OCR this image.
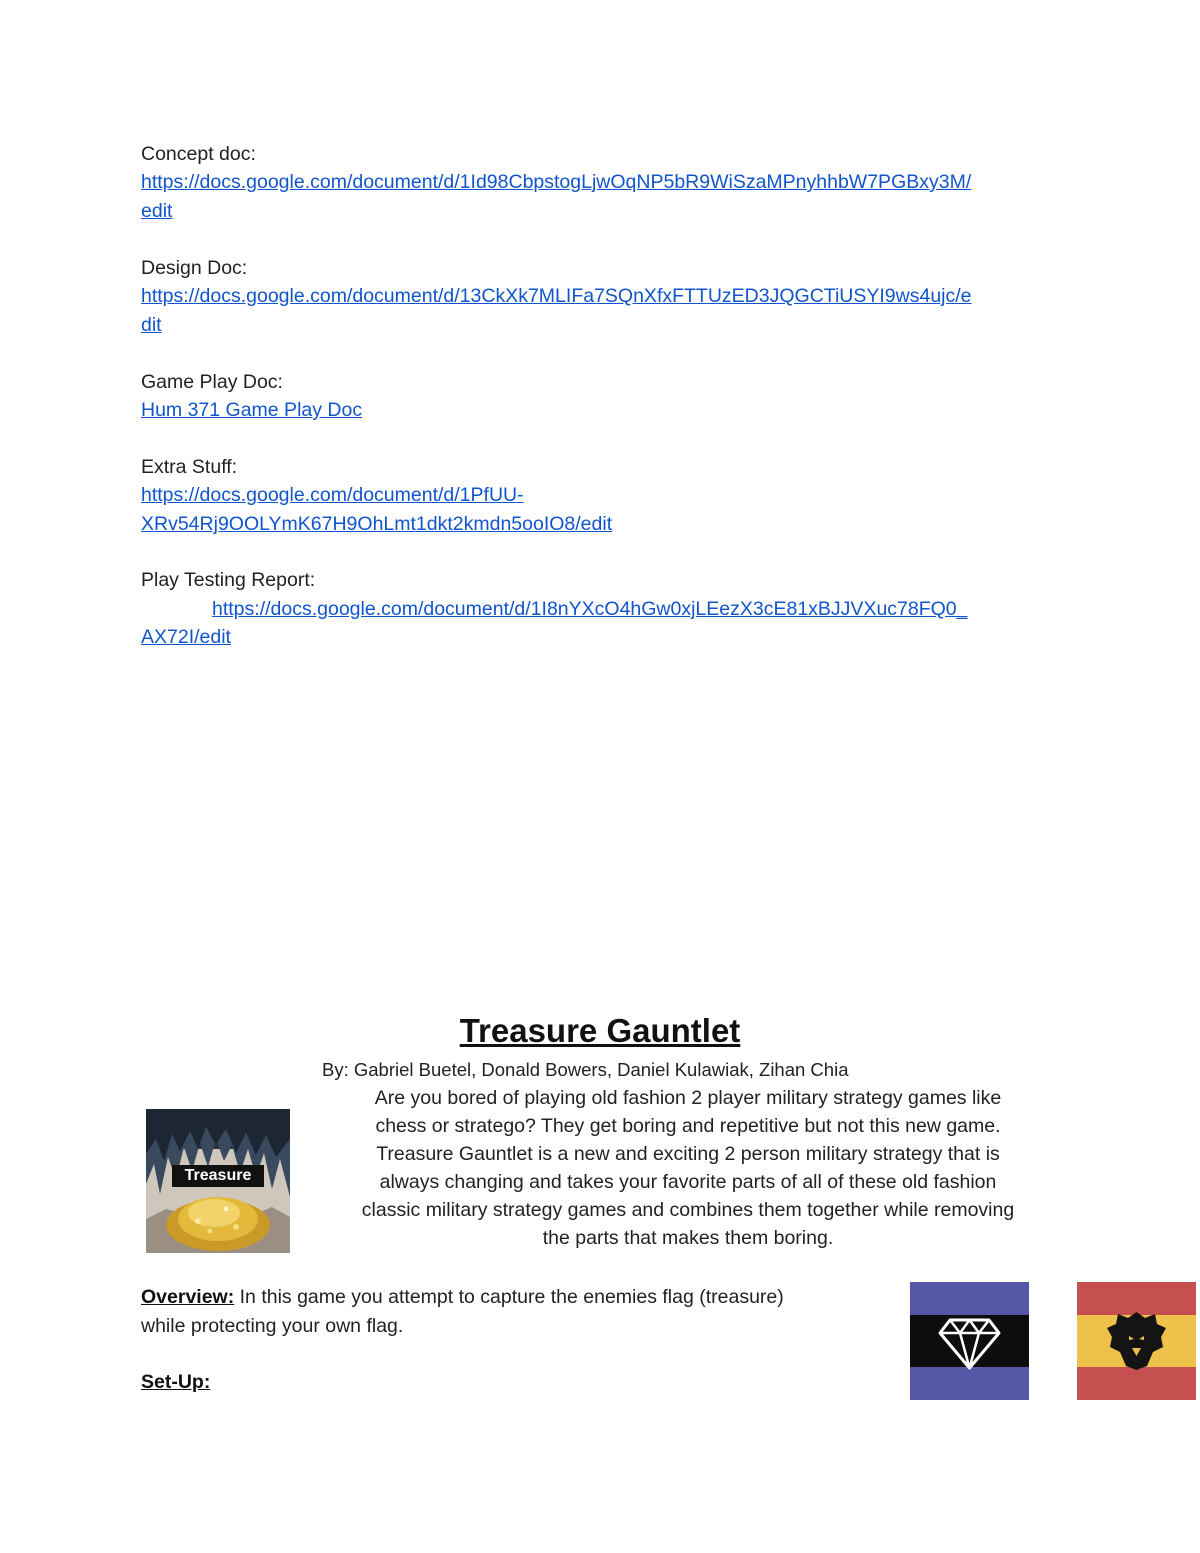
Concept doc:

https://docs.google.com/document/d/1Id98CbpstogLjwOqNP5bR9WiSzaMPnyhhbW7PGBxy3M/

edit

Design Doc:

https://docs.google.com/document/d/13CkXk7MLIFa7SQnXfxFTTUzED3JQGCTiUSYI9ws4ujc/e

dit

Game Play Doc:

Hum 371 Game Play Doc

Extra Stuff:

https://docs.google.com/document/d/1PfUU-

XRv54Rj9OOLYmK67H9OhLmt1dkt2kmdn5ooIO8/edit

Play Testing Report:

https://docs.google.com/document/d/1I8nYXcO4hGw0xjLEezX3cE81xBJJVXuc78FQ0_

AX72I/edit

Treasure Gauntlet

By: Gabriel Buetel, Donald Bowers, Daniel Kulawiak, Zihan Chia

Treasure

Are you bored of playing old fashion 2 player military strategy games like

chess or stratego? They get boring and repetitive but not this new game.

Treasure Gauntlet is a new and exciting 2 person military strategy that is

always changing and takes your favorite parts of all of these old fashion

classic military strategy games and combines them together while removing

the parts that makes them boring.

Overview: In this game you attempt to capture the enemies flag (treasure)

while protecting your own flag.

Set-Up:
